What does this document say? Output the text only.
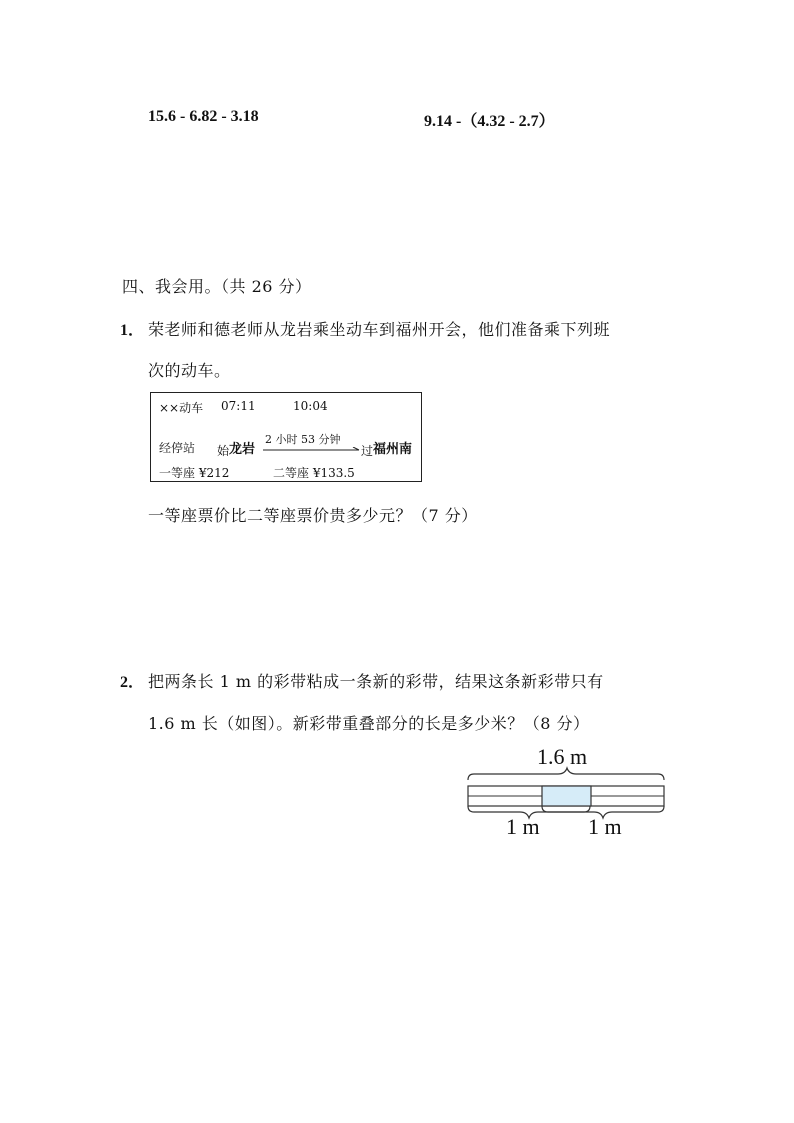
15.6 - 6.82 - 3.18	9.14 -（4.32 - 2.7）
四、我会用。（共 26 分）
1． 荣老师和德老师从龙岩乘坐动车到福州开会，他们准备乘下列班
次的动车。
××动车 07:11	10:04
经停站 始 龙岩
2 小时 53 分钟
过 福州南
一等座 ¥212	二等座 ¥133.5
一等座票价比二等座票价贵多少元？（7 分）
2． 把两条长 1 m 的彩带粘成一条新的彩带，结果这条新彩带只有
1.6 m 长（如图）。新彩带重叠部分的长是多少米？（8 分）
1.6 m
1 m 1 m
